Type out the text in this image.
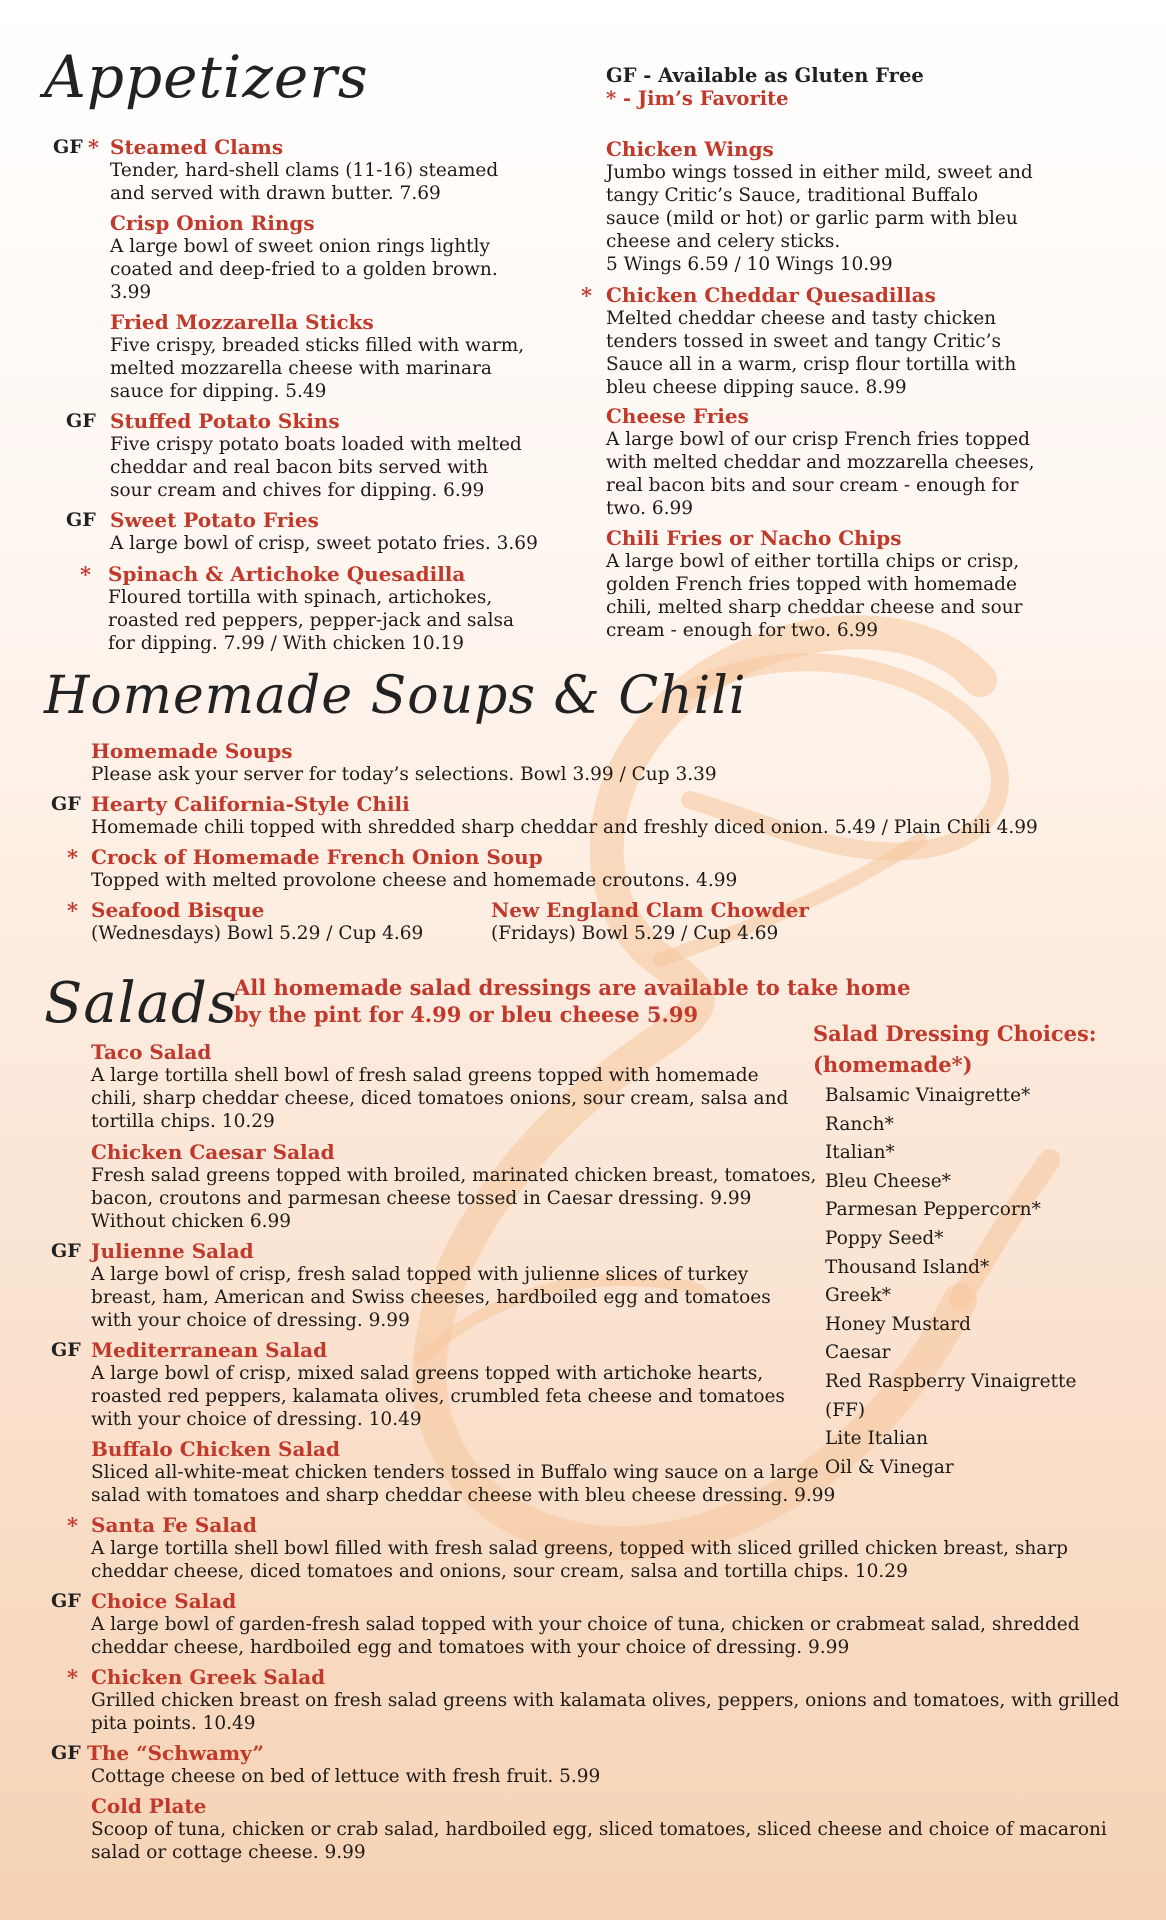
Appetizers	GF - Available as Gluten Free
* - Jim’s Favorite
GF * Steamed Clams
Tender, hard-shell clams (11-16) steamed and served with drawn butter. 7.69
Crisp Onion Rings
A large bowl of sweet onion rings lightly coated and deep-fried to a golden brown. 3.99
Fried Mozzarella Sticks
Five crispy, breaded sticks filled with warm, melted mozzarella cheese with marinara sauce for dipping. 5.49
GF Stuffed Potato Skins
Five crispy potato boats loaded with melted cheddar and real bacon bits served with sour cream and chives for dipping. 6.99
GF Sweet Potato Fries
A large bowl of crisp, sweet potato fries. 3.69
* Spinach & Artichoke Quesadilla
Floured tortilla with spinach, artichokes, roasted red peppers, pepper-jack and salsa for dipping. 7.99 / With chicken 10.19
Chicken Wings
Jumbo wings tossed in either mild, sweet and tangy Critic’s Sauce, traditional Buffalo sauce (mild or hot) or garlic parm with bleu cheese and celery sticks.
5 Wings 6.59 / 10 Wings 10.99
* Chicken Cheddar Quesadillas
Melted cheddar cheese and tasty chicken tenders tossed in sweet and tangy Critic’s Sauce all in a warm, crisp flour tortilla with bleu cheese dipping sauce. 8.99
Cheese Fries
A large bowl of our crisp French fries topped with melted cheddar and mozzarella cheeses, real bacon bits and sour cream - enough for two. 6.99
Chili Fries or Nacho Chips
A large bowl of either tortilla chips or crisp, golden French fries topped with homemade chili, melted sharp cheddar cheese and sour cream - enough for two. 6.99
Homemade Soups & Chili
Homemade Soups
Please ask your server for today’s selections. Bowl 3.99 / Cup 3.39
GF Hearty California-Style Chili
Homemade chili topped with shredded sharp cheddar and freshly diced onion. 5.49 / Plain Chili 4.99
* Crock of Homemade French Onion Soup
Topped with melted provolone cheese and homemade croutons. 4.99
* Seafood Bisque
(Wednesdays) Bowl 5.29 / Cup 4.69
New England Clam Chowder
(Fridays) Bowl 5.29 / Cup 4.69
Salads
All homemade salad dressings are available to take home by the pint for 4.99 or bleu cheese 5.99
Taco Salad
A large tortilla shell bowl of fresh salad greens topped with homemade chili, sharp cheddar cheese, diced tomatoes onions, sour cream, salsa and tortilla chips. 10.29
Chicken Caesar Salad
Fresh salad greens topped with broiled, marinated chicken breast, tomatoes, bacon, croutons and parmesan cheese tossed in Caesar dressing. 9.99 Without chicken 6.99
GF Julienne Salad
A large bowl of crisp, fresh salad topped with julienne slices of turkey breast, ham, American and Swiss cheeses, hardboiled egg and tomatoes with your choice of dressing. 9.99
GF Mediterranean Salad
A large bowl of crisp, mixed salad greens topped with artichoke hearts, roasted red peppers, kalamata olives, crumbled feta cheese and tomatoes with your choice of dressing. 10.49
Buffalo Chicken Salad
Sliced all-white-meat chicken tenders tossed in Buffalo wing sauce on a large salad with tomatoes and sharp cheddar cheese with bleu cheese dressing. 9.99
* Santa Fe Salad
A large tortilla shell bowl filled with fresh salad greens, topped with sliced grilled chicken breast, sharp cheddar cheese, diced tomatoes and onions, sour cream, salsa and tortilla chips. 10.29
GF Choice Salad
A large bowl of garden-fresh salad topped with your choice of tuna, chicken or crabmeat salad, shredded cheddar cheese, hardboiled egg and tomatoes with your choice of dressing. 9.99
* Chicken Greek Salad
Grilled chicken breast on fresh salad greens with kalamata olives, peppers, onions and tomatoes, with grilled pita points. 10.49
GF The “Schwamy”
Cottage cheese on bed of lettuce with fresh fruit. 5.99
Cold Plate
Scoop of tuna, chicken or crab salad, hardboiled egg, sliced tomatoes, sliced cheese and choice of macaroni salad or cottage cheese. 9.99
Salad Dressing Choices: (homemade*)
Balsamic Vinaigrette*
Ranch*
Italian*
Bleu Cheese*
Parmesan Peppercorn*
Poppy Seed*
Thousand Island*
Greek*
Honey Mustard
Caesar
Red Raspberry Vinaigrette (FF)
Lite Italian
Oil & Vinegar
